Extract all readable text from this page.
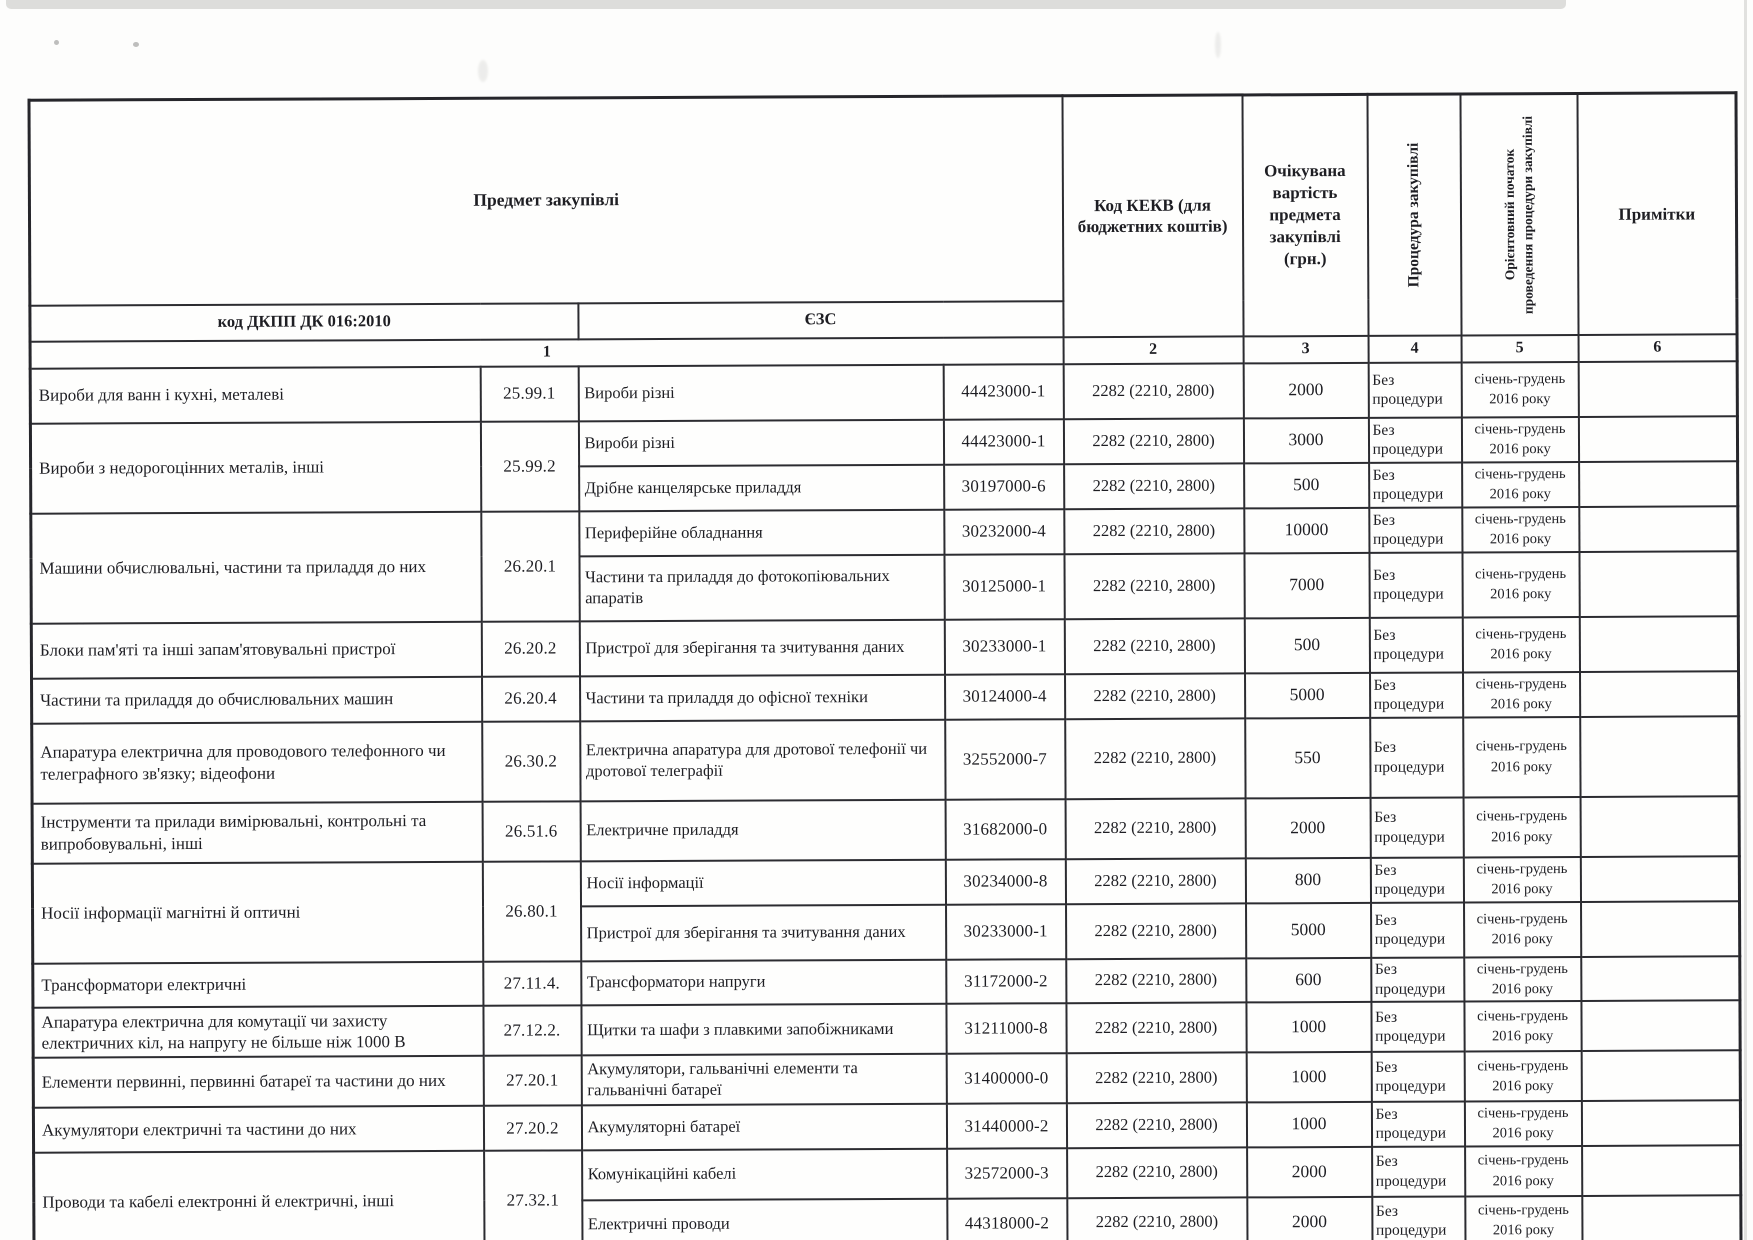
Предмет закупівлі				Код КЕКВ (для бюджетних коштів)	Очікувана вартість предмета закупівлі (грн.)	Процедура закупівлі	Орієнтовний початок проведення процедури закупівлі	Примітки
код ДКПП ДК 016:2010		ЄЗС						
1				2	3	4	5	6
Вироби для ванн і кухні, металеві	25.99.1	Вироби різні	44423000-1	2282 (2210, 2800)	2000	Без процедури	січень-грудень 2016 року	
Вироби з недорогоцінних металів, інші	25.99.2	Вироби різні	44423000-1	2282 (2210, 2800)	3000	Без процедури	січень-грудень 2016 року	
		Дрібне канцелярське приладдя	30197000-6	2282 (2210, 2800)	500	Без процедури	січень-грудень 2016 року	
Машини обчислювальні, частини та приладдя до них	26.20.1	Периферійне обладнання	30232000-4	2282 (2210, 2800)	10000	Без процедури	січень-грудень 2016 року	
		Частини та приладдя до фотокопіювальних апаратів	30125000-1	2282 (2210, 2800)	7000	Без процедури	січень-грудень 2016 року	
Блоки пам'яті та інші запам'ятовувальні пристрої	26.20.2	Пристрої для зберігання та зчитування даних	30233000-1	2282 (2210, 2800)	500	Без процедури	січень-грудень 2016 року	
Частини та приладдя до обчислювальних машин	26.20.4	Частини та приладдя до офісної техніки	30124000-4	2282 (2210, 2800)	5000	Без процедури	січень-грудень 2016 року	
Апаратура електрична для проводового телефонного чи телеграфного зв'язку; відеофони	26.30.2	Електрична апаратура для дротової телефонії чи дротової телеграфії	32552000-7	2282 (2210, 2800)	550	Без процедури	січень-грудень 2016 року	
Інструменти та прилади вимірювальні, контрольні та випробовувальні, інші	26.51.6	Електричне приладдя	31682000-0	2282 (2210, 2800)	2000	Без процедури	січень-грудень 2016 року	
Носії інформації магнітні й оптичні	26.80.1	Носії інформації	30234000-8	2282 (2210, 2800)	800	Без процедури	січень-грудень 2016 року	
		Пристрої для зберігання та зчитування даних	30233000-1	2282 (2210, 2800)	5000	Без процедури	січень-грудень 2016 року	
Трансформатори електричні	27.11.4.	Трансформатори напруги	31172000-2	2282 (2210, 2800)	600	Без процедури	січень-грудень 2016 року	
Апаратура електрична для комутації чи захисту електричних кіл, на напругу не більше ніж 1000 В	27.12.2.	Щитки та шафи з плавкими запобіжниками	31211000-8	2282 (2210, 2800)	1000	Без процедури	січень-грудень 2016 року	
Елементи первинні, первинні батареї та частини до них	27.20.1	Акумулятори, гальванічні елементи та гальванічні батареї	31400000-0	2282 (2210, 2800)	1000	Без процедури	січень-грудень 2016 року	
Акумулятори електричні та частини до них	27.20.2	Акумуляторні батареї	31440000-2	2282 (2210, 2800)	1000	Без процедури	січень-грудень 2016 року	
Проводи та кабелі електронні й електричні, інші	27.32.1	Комунікаційні кабелі	32572000-3	2282 (2210, 2800)	2000	Без процедури	січень-грудень 2016 року	
		Електричні проводи	44318000-2	2282 (2210, 2800)	2000	Без процедури	січень-грудень 2016 року	
